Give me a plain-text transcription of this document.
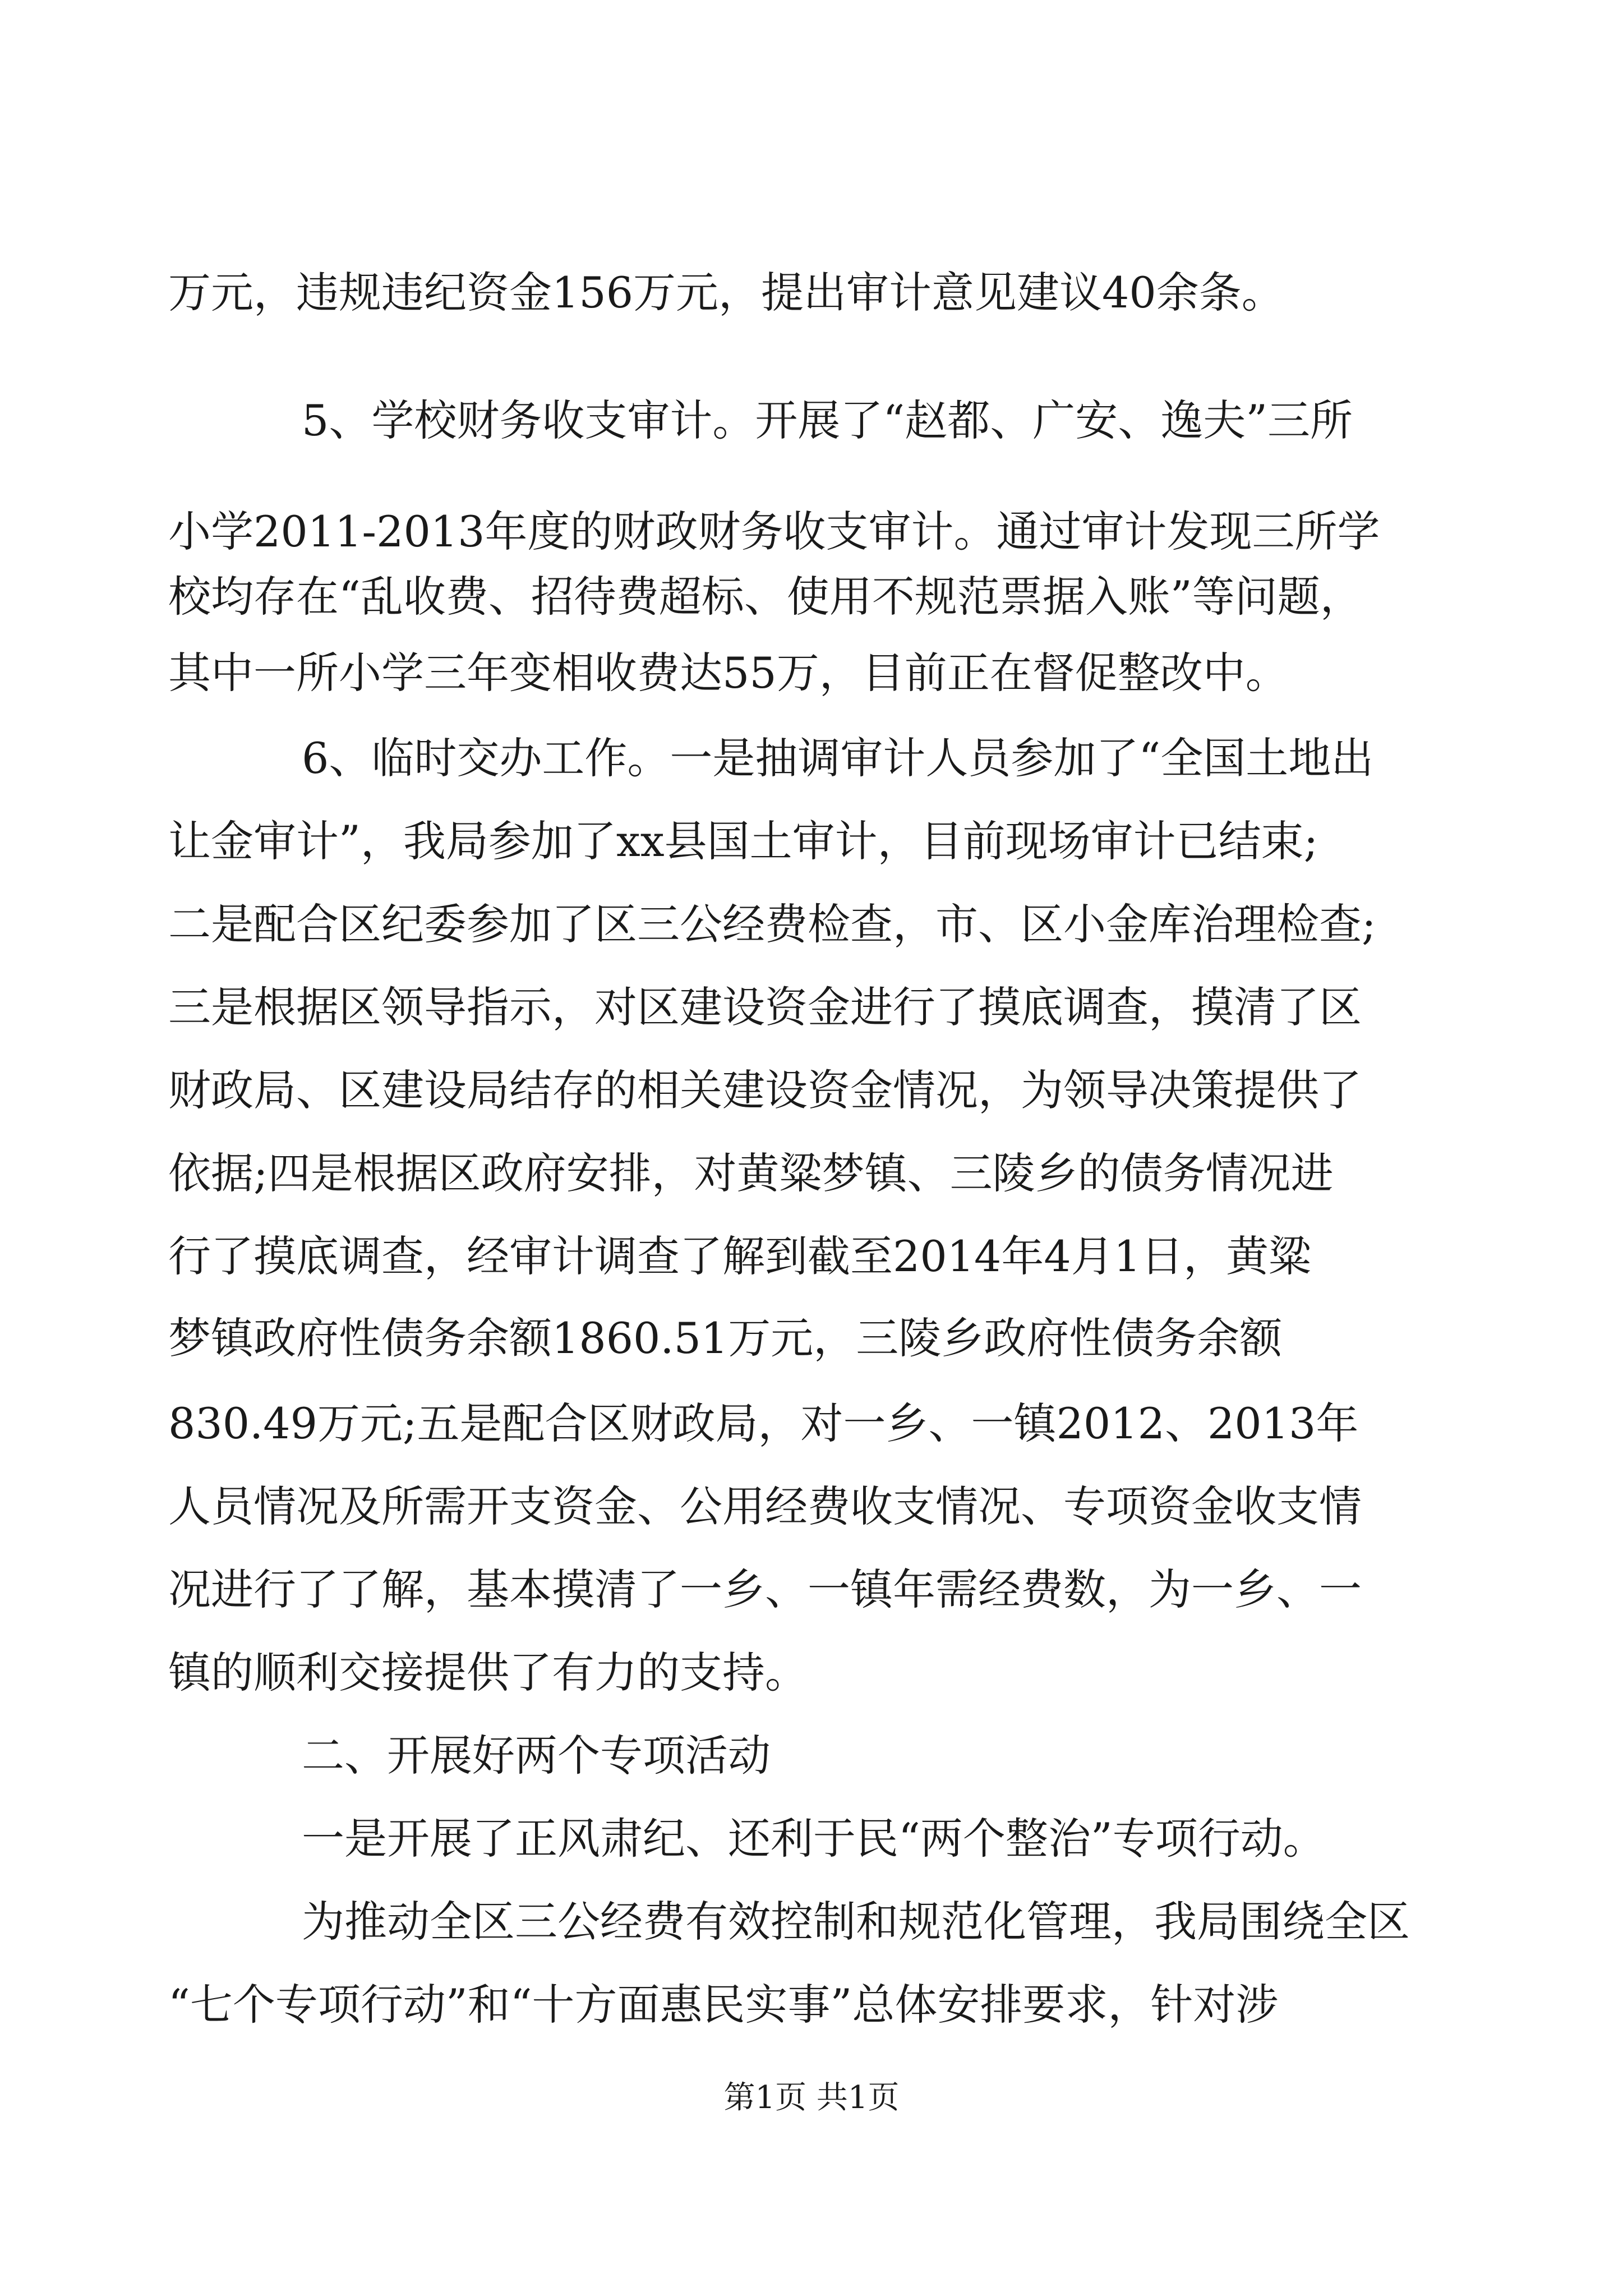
万元，违规违纪资金156万元，提出审计意见建议40余条。
5、学校财务收支审计。开展了“赵都、广安、逸夫”三所
小学2011-2013年度的财政财务收支审计。通过审计发现三所学
校均存在“乱收费、招待费超标、使用不规范票据入账”等问题，
其中一所小学三年变相收费达55万，目前正在督促整改中。
6、临时交办工作。一是抽调审计人员参加了“全国土地出
让金审计”，我局参加了xx县国土审计，目前现场审计已结束;
二是配合区纪委参加了区三公经费检查，市、区小金库治理检查;
三是根据区领导指示，对区建设资金进行了摸底调查，摸清了区
财政局、区建设局结存的相关建设资金情况，为领导决策提供了
依据;四是根据区政府安排，对黄粱梦镇、三陵乡的债务情况进
行了摸底调查，经审计调查了解到截至2014年4月1日，黄粱
梦镇政府性债务余额1860.51万元，三陵乡政府性债务余额
830.49万元;五是配合区财政局，对一乡、一镇2012、2013年
人员情况及所需开支资金、公用经费收支情况、专项资金收支情
况进行了了解，基本摸清了一乡、一镇年需经费数，为一乡、一
镇的顺利交接提供了有力的支持。
二、开展好两个专项活动
一是开展了正风肃纪、还利于民“两个整治”专项行动。
为推动全区三公经费有效控制和规范化管理，我局围绕全区
“七个专项行动”和“十方面惠民实事”总体安排要求，针对涉
第1页 共1页
